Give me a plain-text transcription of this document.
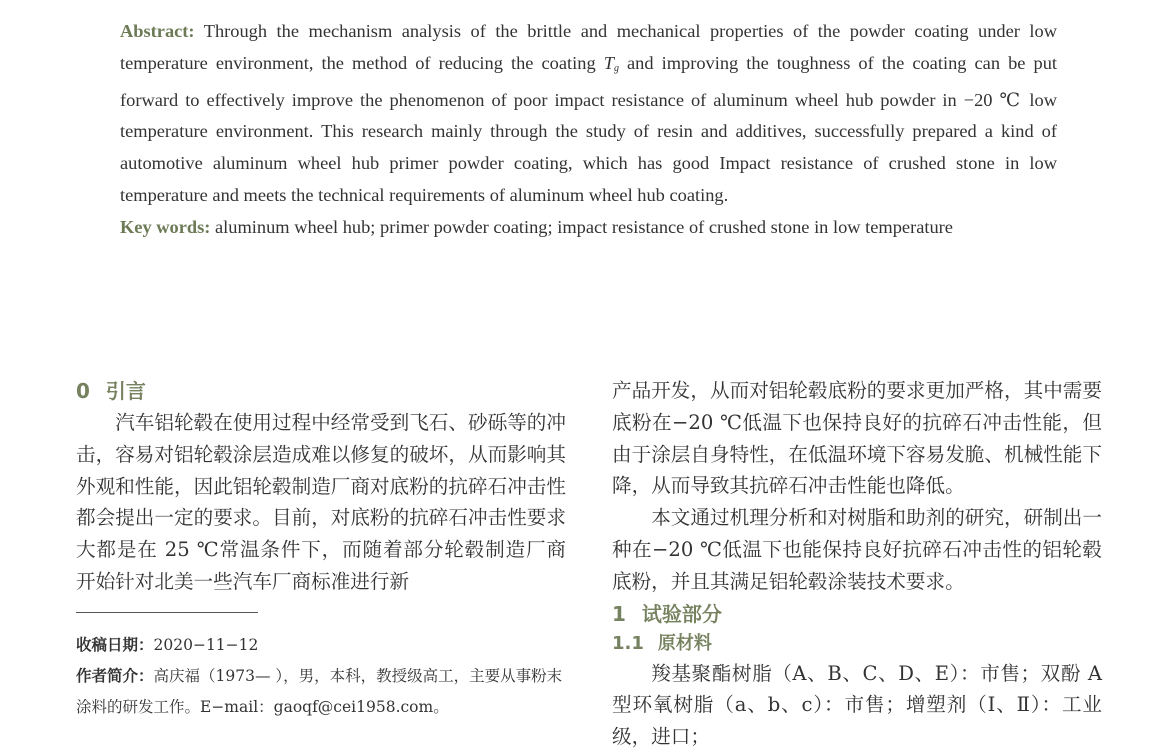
Abstract: Through the mechanism analysis of the brittle and mechanical properties of the powder coating under low temperature environment, the method of reducing the coating $T_g$ and improving the toughness of the coating can be put forward to effectively improve the phenomenon of poor impact resistance of aluminum wheel hub powder in −20 ℃ low temperature environment. This research mainly through the study of resin and additives, successfully prepared a kind of automotive aluminum wheel hub primer powder coating, which has good Impact resistance of crushed stone in low temperature and meets the technical requirements of aluminum wheel hub coating.

Key words: aluminum wheel hub; primer powder coating; impact resistance of crushed stone in low temperature

0 引言

汽车铝轮毂在使用过程中经常受到飞石、砂砾等的冲击，容易对铝轮毂涂层造成难以修复的破坏，从而影响其外观和性能，因此铝轮毂制造厂商对底粉的抗碎石冲击性都会提出一定的要求。目前，对底粉的抗碎石冲击性要求大都是在 25 ℃常温条件下，而随着部分轮毂制造厂商开始针对北美一些汽车厂商标准进行新

收稿日期：2020−11−12

作者简介：高庆福（1973— ），男，本科，教授级高工，主要从事粉末涂料的研发工作。E−mail：gaoqf@cei1958.com。

产品开发，从而对铝轮毂底粉的要求更加严格，其中需要底粉在−20 ℃低温下也保持良好的抗碎石冲击性能，但由于涂层自身特性，在低温环境下容易发脆、机械性能下降，从而导致其抗碎石冲击性能也降低。

本文通过机理分析和对树脂和助剂的研究，研制出一种在−20 ℃低温下也能保持良好抗碎石冲击性的铝轮毂底粉，并且其满足铝轮毂涂装技术要求。

1 试验部分
1.1 原材料

羧基聚酯树脂（A、B、C、D、E）：市售；双酚 A 型环氧树脂（a、b、c）：市售；增塑剂（Ⅰ、Ⅱ）：工业级，进口；
